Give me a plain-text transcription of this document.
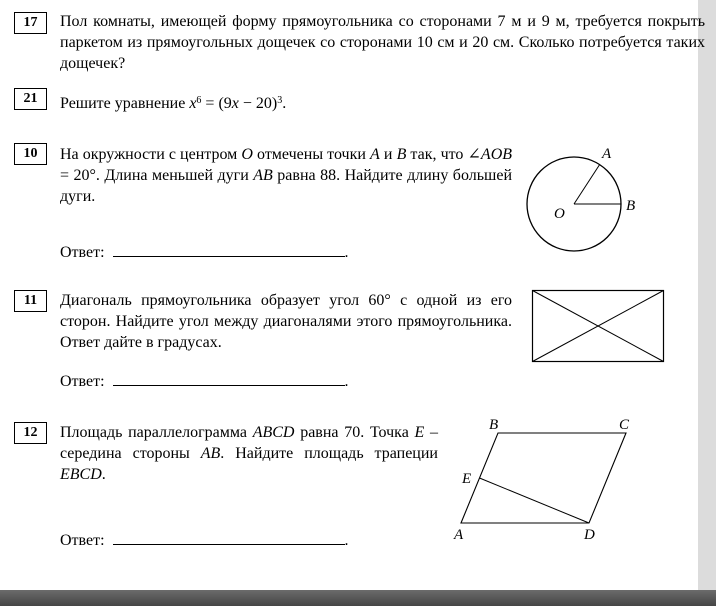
17	Пол комнаты, имеющей форму прямоугольника со сторонами 7 м и 9 м, требуется покрыть паркетом из прямоугольных дощечек со сторонами 10 см и 20 см. Сколько потребуется таких дощечек?
21	Решите уравнение $x^6 = (9x - 20)^3$.
10	На окружности с центром O отмечены точки A и B так, что ∠AOB = 20°. Длина меньшей дуги AB равна 88. Найдите длину большей дуги.
A
B
O
Ответ:	.
11	Диагональ прямоугольника образует угол 60° с одной из его сторон. Найдите угол между диагоналями этого прямоугольника. Ответ дайте в градусах.
Ответ:	.
12	Площадь параллелограмма ABCD равна 70. Точка E – середина стороны AB. Найдите площадь трапеции EBCD.
B	C
E
A	D
Ответ:	.
